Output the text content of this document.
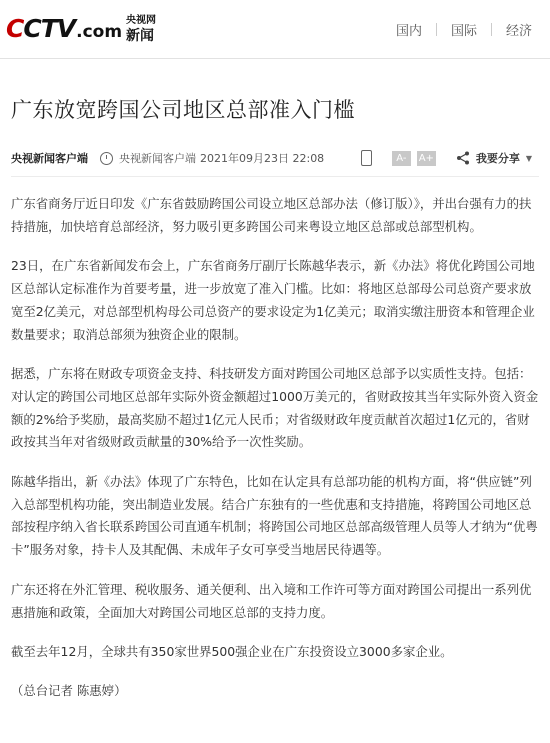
CCTV .com
央视网
新闻	国内 国际 经济
广东放宽跨国公司地区总部准入门槛
央视新闻客户端	央视新闻客户端 2021年09月23日 22:08	A-	A+	我要分享 ▼

广东省商务厅近日印发《广东省鼓励跨国公司设立地区总部办法（修订版）》，并出台强有力的扶持措施，加快培育总部经济，努力吸引更多跨国公司来粤设立地区总部或总部型机构。

23日，在广东省新闻发布会上，广东省商务厅副厅长陈越华表示，新《办法》将优化跨国公司地区总部认定标准作为首要考量，进一步放宽了准入门槛。比如：将地区总部母公司总资产要求放宽至2亿美元，对总部型机构母公司总资产的要求设定为1亿美元；取消实缴注册资本和管理企业数量要求；取消总部须为独资企业的限制。

据悉，广东将在财政专项资金支持、科技研发方面对跨国公司地区总部予以实质性支持。包括：对认定的跨国公司地区总部年实际外资金额超过1000万美元的，省财政按其当年实际外资入资金额的2%给予奖励，最高奖励不超过1亿元人民币；对省级财政年度贡献首次超过1亿元的，省财政按其当年对省级财政贡献量的30%给予一次性奖励。

陈越华指出，新《办法》体现了广东特色，比如在认定具有总部功能的机构方面，将“供应链”列入总部型机构功能，突出制造业发展。结合广东独有的一些优惠和支持措施，将跨国公司地区总部按程序纳入省长联系跨国公司直通车机制；将跨国公司地区总部高级管理人员等人才纳为“优粤卡”服务对象，持卡人及其配偶、未成年子女可享受当地居民待遇等。

广东还将在外汇管理、税收服务、通关便利、出入境和工作许可等方面对跨国公司提出一系列优惠措施和政策，全面加大对跨国公司地区总部的支持力度。

截至去年12月，全球共有350家世界500强企业在广东投资设立3000多家企业。

（总台记者 陈惠婷）
